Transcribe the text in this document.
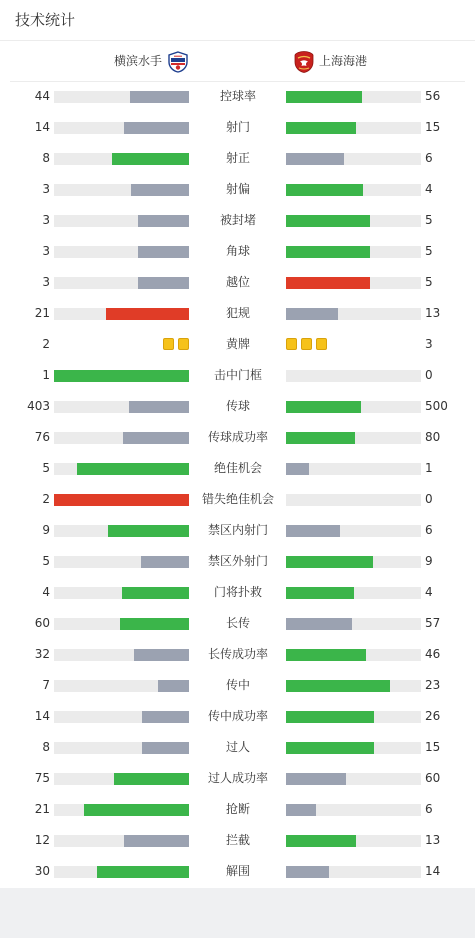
技术统计
横滨水手	上海海港
44	控球率	56
14	射门	15
8	射正	6
3	射偏	4
3	被封堵	5
3	角球	5
3	越位	5
21	犯规	13
2	黄牌	3
1	击中门框	0
403	传球	500
76	传球成功率	80
5	绝佳机会	1
2	错失绝佳机会	0
9	禁区内射门	6
5	禁区外射门	9
4	门将扑救	4
60	长传	57
32	长传成功率	46
7	传中	23
14	传中成功率	26
8	过人	15
75	过人成功率	60
21	抢断	6
12	拦截	13
30	解围	14
